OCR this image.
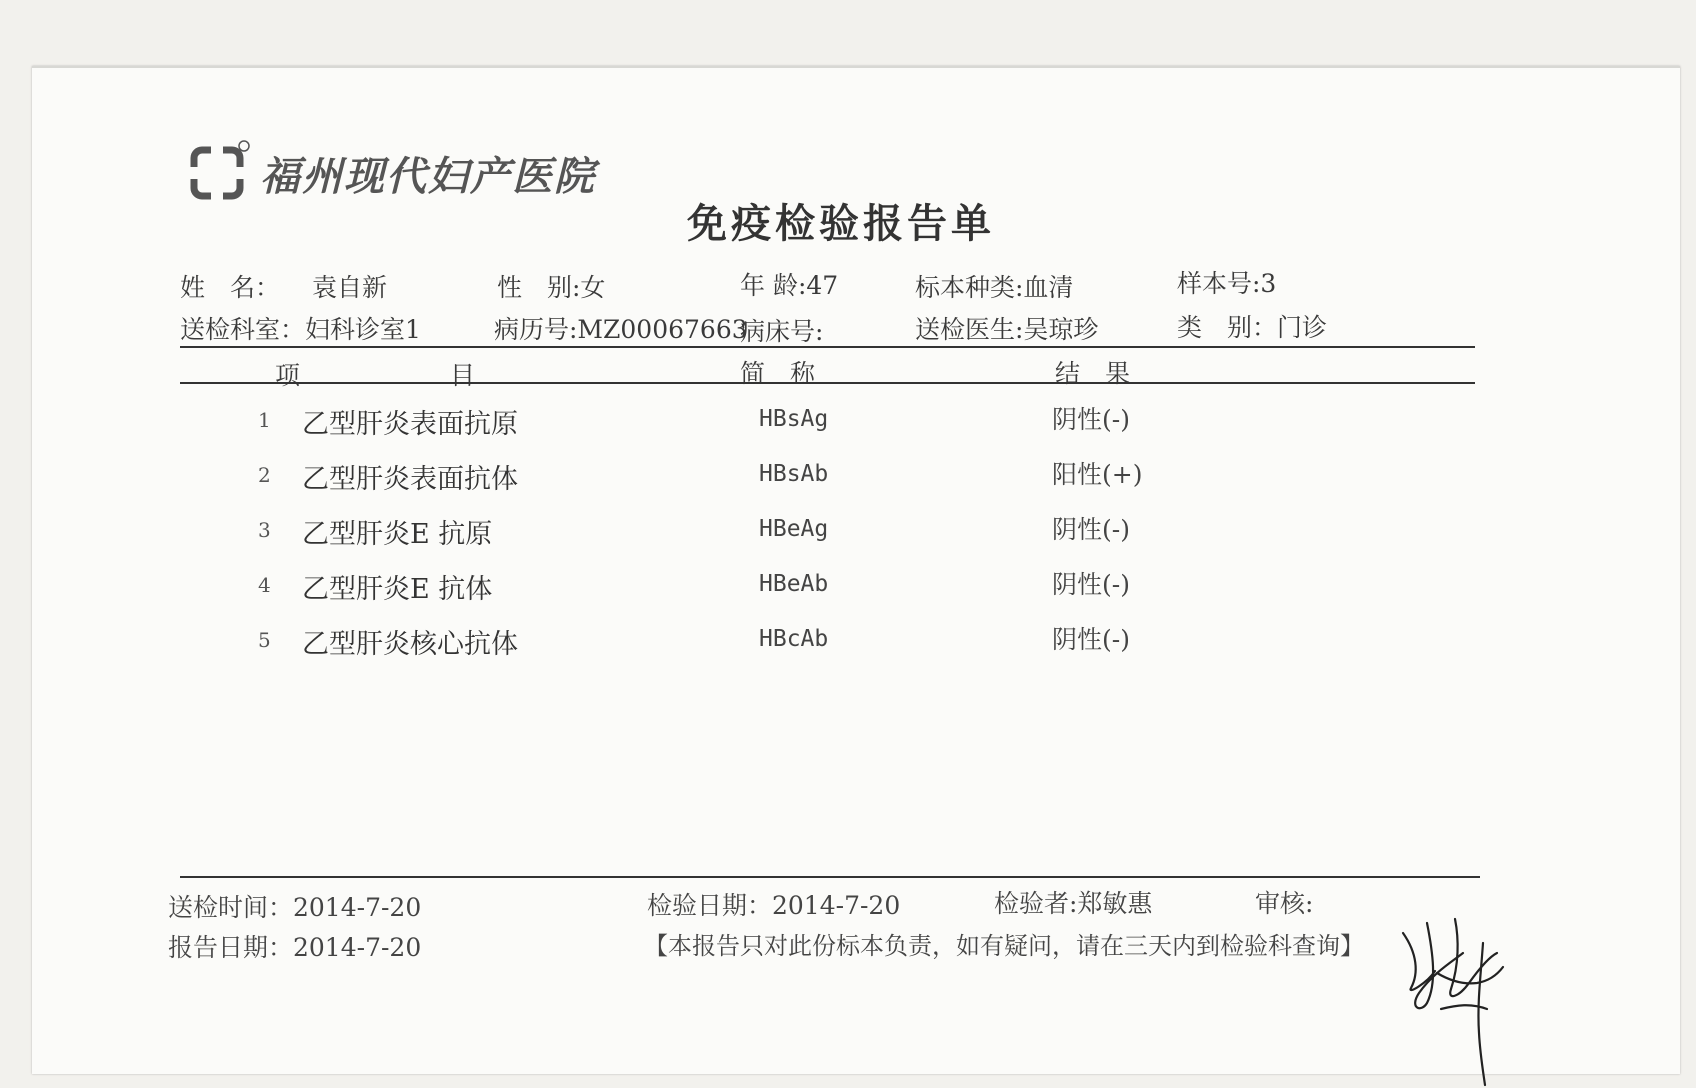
福州现代妇产医院
免疫检验报告单
姓　名： 袁自新	性　别:女	年 龄:47	标本种类:血清	样本号:3
送检科室：妇科诊室1	病历号:MZ00067663
病床号:	送检医生:吴琼珍	类　别：门诊
项	目	简　称	结　果
1 乙型肝炎表面抗原	HBsAg	阴性(-)
2 乙型肝炎表面抗体	HBsAb	阳性(+)
3 乙型肝炎E 抗原	HBeAg	阴性(-)
4 乙型肝炎E 抗体	HBeAb	阴性(-)
5 乙型肝炎核心抗体	HBcAb	阴性(-)
送检时间：2014-7-20	检验日期：2014-7-20	检验者:郑敏惠	审核:
报告日期：2014-7-20	【本报告只对此份标本负责，如有疑问，请在三天内到检验科查询】
